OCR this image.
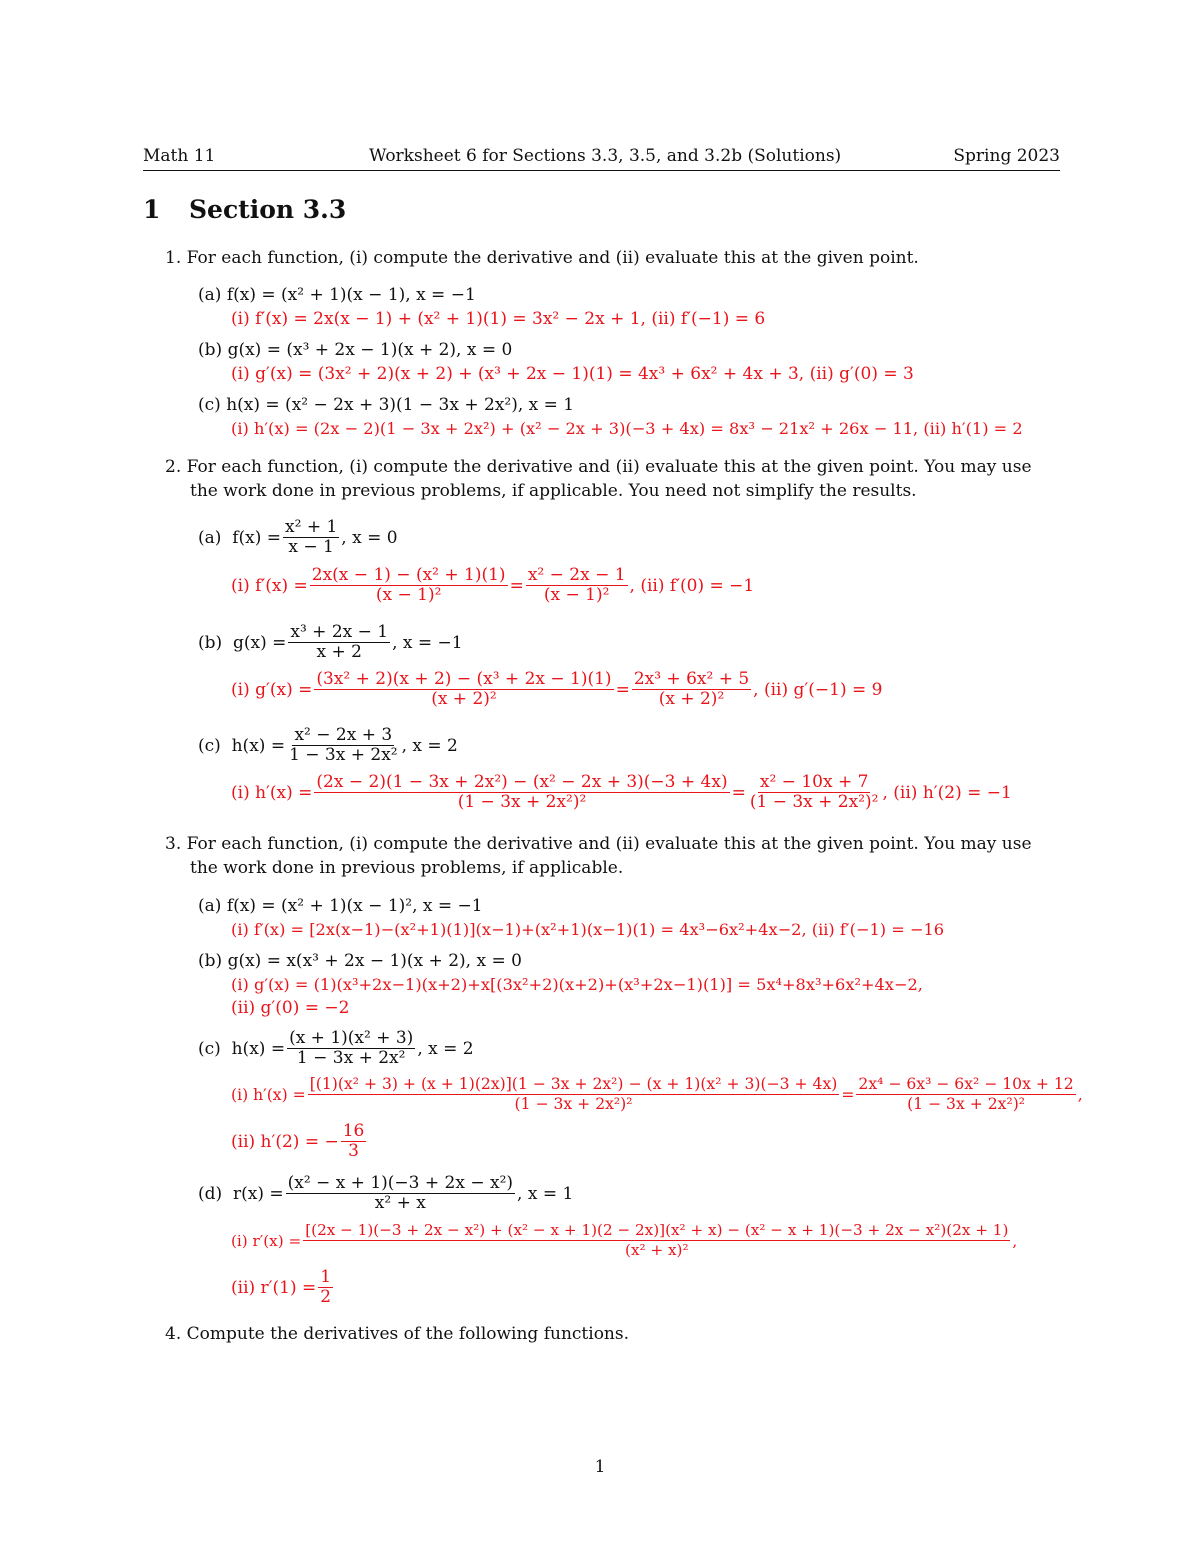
Math 11	Worksheet 6 for Sections 3.3, 3.5, and 3.2b (Solutions)	Spring 2023
1 Section 3.3
1. For each function, (i) compute the derivative and (ii) evaluate this at the given point.
(a) f(x) = (x² + 1)(x − 1), x = −1
(i) f′(x) = 2x(x − 1) + (x² + 1)(1) = 3x² − 2x + 1, (ii) f′(−1) = 6
(b) g(x) = (x³ + 2x − 1)(x + 2), x = 0
(i) g′(x) = (3x² + 2)(x + 2) + (x³ + 2x − 1)(1) = 4x³ + 6x² + 4x + 3, (ii) g′(0) = 3
(c) h(x) = (x² − 2x + 3)(1 − 3x + 2x²), x = 1
(i) h′(x) = (2x − 2)(1 − 3x + 2x²) + (x² − 2x + 3)(−3 + 4x) = 8x³ − 21x² + 26x − 11, (ii) h′(1) = 2
2. For each function, (i) compute the derivative and (ii) evaluate this at the given point. You may use
the work done in previous problems, if applicable. You need not simplify the results.
(a)
$f(x) = \frac{\text{x² + 1}}{x - 1}$ , x = 0
(i) $f'(x) = \frac{\text{2x(x − 1) − (x² + 1)(1)}}{\text{(x − 1)²}} = \frac{\text{x² − 2x − 1}}{\text{(x − 1)²}}$ , (ii) f′(0) = −1
(b)
$g(x) = \frac{\text{x³ + 2x − 1}}{x + 2}$ , x = −1
(i) $g'(x) = \frac{\text{(3x² + 2)(x + 2) − (x³ + 2x − 1)(1)}}{\text{(x + 2)²}} = \frac{\text{2x³ + 6x² + 5}}{\text{(x + 2)²}}$ , (ii) g′(−1) = 9
(c)
$h(x) = \frac{\text{x² − 2x + 3}}{\text{1 − 3x + 2x²}}$ , x = 2
(i) $h'(x) = \frac{\text{(2x − 2)(1 − 3x + 2x²) − (x² − 2x + 3)(−3 + 4x)}}{\text{(1 − 3x + 2x²)²}} = \frac{\text{x² − 10x + 7}}{\text{(1 − 3x + 2x²)²}}$ , (ii) h′(2) = −1
3. For each function, (i) compute the derivative and (ii) evaluate this at the given point. You may use
the work done in previous problems, if applicable.
(a) f(x) = (x² + 1)(x − 1)², x = −1
(i) f′(x) = [2x(x−1)−(x²+1)(1)](x−1)+(x²+1)(x−1)(1) = 4x³−6x²+4x−2, (ii) f′(−1) = −16
(b) g(x) = x(x³ + 2x − 1)(x + 2), x = 0
(i) g′(x) = (1)(x³+2x−1)(x+2)+x[(3x²+2)(x+2)+(x³+2x−1)(1)] = 5x⁴+8x³+6x²+4x−2,
(ii) g′(0) = −2
(c)
$h(x) = \frac{\text{(x + 1)(x² + 3)}}{\text{1 − 3x + 2x²}}$ , x = 2
(i) h′(x) =
[(1)(x² + 3) + (x + 1)(2x)](1 − 3x + 2x²) − (x + 1)(x² + 3)(−3 + 4x)
(1 − 3x + 2x²)²
= $\frac{\text{2x⁴ − 6x³ − 6x² − 10x + 12}}{\text{(1 − 3x + 2x²)²}}$ ,
(ii) h′(2) = − $\frac{16}{3}$
(d)
$r(x) = \frac{\text{(x² − x + 1)(−3 + 2x − x²)}}{\text{x² + x}}$ , x = 1
(i) r′(x) =
[(2x − 1)(−3 + 2x − x²) + (x² − x + 1)(2 − 2x)](x² + x) − (x² − x + 1)(−3 + 2x − x²)(2x + 1)
(x² + x)²
,
(ii) $r'(1) = \frac{1}{2}$
4. Compute the derivatives of the following functions.
1
